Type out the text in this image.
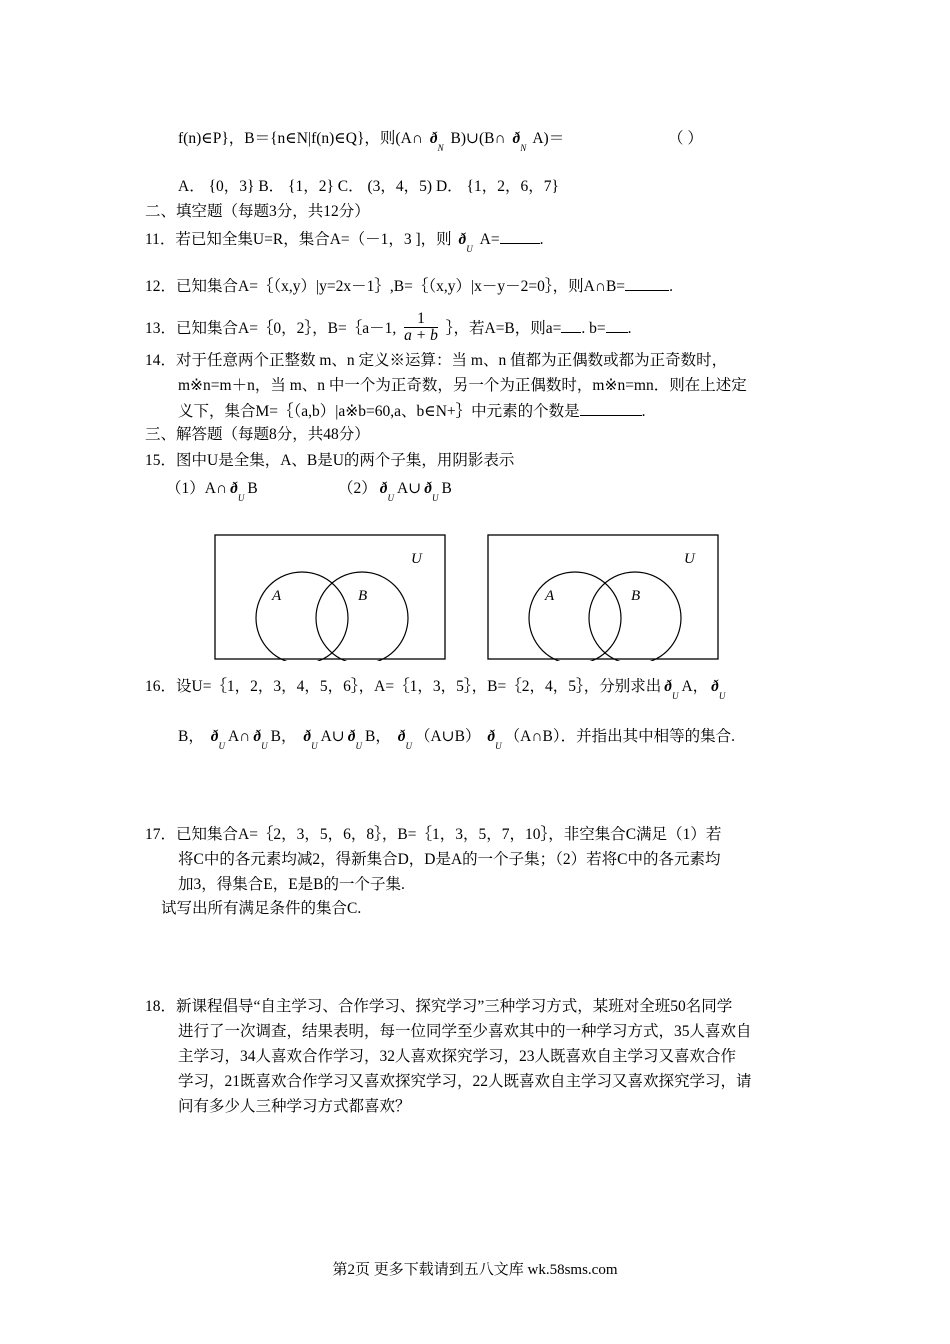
f(n)∈P}，B＝{n∈N|f(n)∈Q}，则(A∩ $ð_N$ B)∪(B∩ $ð_N$ A)＝	（ ）
A． {0，3} B． {1，2} C． (3，4，5) D． {1，2，6，7}
二、填空题（每题3分，共12分）
11．若已知全集U=R，集合A=（－1，3 ]，则 $ð_U$ A=	.
12．已知集合A=｛（x,y）|y=2x－1｝,B=｛（x,y）|x－y－2=0｝，则A∩B=	.
13．已知集合A=｛0，2｝，B=｛a－1, $\frac{1}{a + b}$ ｝，若A=B，则a= . b= .
14．对于任意两个正整数 m、n 定义※运算：当 m、n 值都为正偶数或都为正奇数时，
m※n=m＋n，当 m、n 中一个为正奇数，另一个为正偶数时，m※n=mn．则在上述定
义下，集合M=｛（a,b）|a※b=60,a、b∈N+｝中元素的个数是	.
三、解答题（每题8分，共48分）
15．图中U是全集，A、B是U的两个子集，用阴影表示
（1）A∩ $ð_UB$	（2） $ð_UA\cup$ $ð_UB$
U
A	B
U
A	B
16．设U=｛1，2，3，4，5，6｝，A=｛1，3，5｝，B=｛2，4，5｝，分别求出 $ð_UA$， $ð_U$
B， $ð_UA\cap$ $ð_UB$， $ð_UA\cup$ $ð_UB$， $ð_U(A\cup B)$ $ð_U(A\cap B)$．并指出其中相等的集合.
17．已知集合A=｛2，3，5，6，8｝，B=｛1，3，5，7，10｝，非空集合C满足（1）若
将C中的各元素均减2，得新集合D，D是A的一个子集；（2）若将C中的各元素均
加3，得集合E，E是B的一个子集.
试写出所有满足条件的集合C.
18．新课程倡导“自主学习、合作学习、探究学习”三种学习方式，某班对全班50名同学
进行了一次调查，结果表明，每一位同学至少喜欢其中的一种学习方式，35人喜欢自
主学习，34人喜欢合作学习，32人喜欢探究学习，23人既喜欢自主学习又喜欢合作
学习，21既喜欢合作学习又喜欢探究学习，22人既喜欢自主学习又喜欢探究学习，请
问有多少人三种学习方式都喜欢？
第2页 更多下载请到五八文库 wk.58sms.com
